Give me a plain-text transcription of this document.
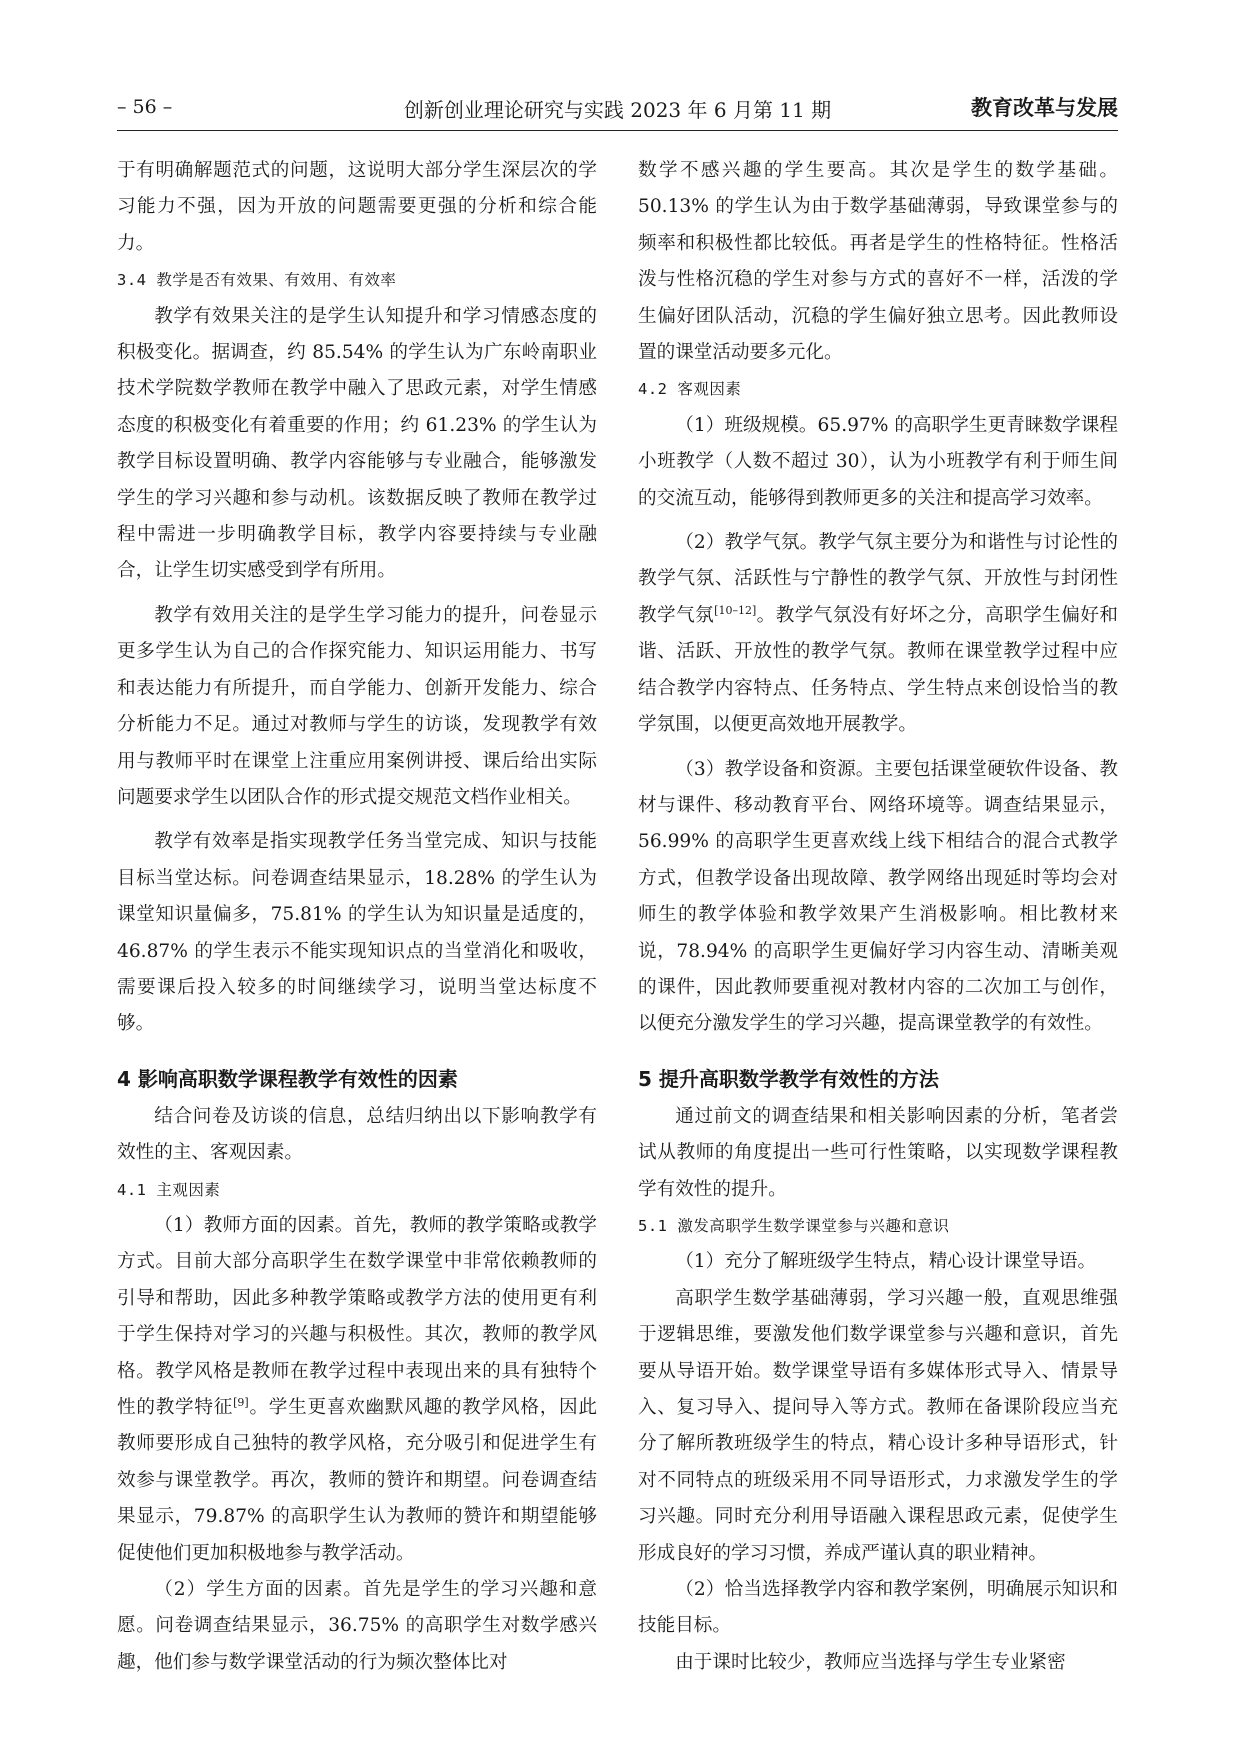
– 56 –	创新创业理论研究与实践 2023 年 6 月第 11 期	教育改革与发展

于有明确解题范式的问题，这说明大部分学生深层次的学习能力不强，因为开放的问题需要更强的分析和综合能力。

3.4 教学是否有效果、有效用、有效率

教学有效果关注的是学生认知提升和学习情感态度的积极变化。据调查，约 85.54% 的学生认为广东岭南职业技术学院数学教师在教学中融入了思政元素，对学生情感态度的积极变化有着重要的作用；约 61.23% 的学生认为教学目标设置明确、教学内容能够与专业融合，能够激发学生的学习兴趣和参与动机。该数据反映了教师在教学过程中需进一步明确教学目标，教学内容要持续与专业融合，让学生切实感受到学有所用。

教学有效用关注的是学生学习能力的提升，问卷显示更多学生认为自己的合作探究能力、知识运用能力、书写和表达能力有所提升，而自学能力、创新开发能力、综合分析能力不足。通过对教师与学生的访谈，发现教学有效用与教师平时在课堂上注重应用案例讲授、课后给出实际问题要求学生以团队合作的形式提交规范文档作业相关。

教学有效率是指实现教学任务当堂完成、知识与技能目标当堂达标。问卷调查结果显示，18.28% 的学生认为课堂知识量偏多，75.81% 的学生认为知识量是适度的，46.87% 的学生表示不能实现知识点的当堂消化和吸收，需要课后投入较多的时间继续学习，说明当堂达标度不够。

4 影响高职数学课程教学有效性的因素

结合问卷及访谈的信息，总结归纳出以下影响教学有效性的主、客观因素。

4.1 主观因素

（1）教师方面的因素。首先，教师的教学策略或教学方式。目前大部分高职学生在数学课堂中非常依赖教师的引导和帮助，因此多种教学策略或教学方法的使用更有利于学生保持对学习的兴趣与积极性。其次，教师的教学风格。教学风格是教师在教学过程中表现出来的具有独特个性的教学特征[9]。学生更喜欢幽默风趣的教学风格，因此教师要形成自己独特的教学风格，充分吸引和促进学生有效参与课堂教学。再次，教师的赞许和期望。问卷调查结果显示，79.87% 的高职学生认为教师的赞许和期望能够促使他们更加积极地参与教学活动。

（2）学生方面的因素。首先是学生的学习兴趣和意愿。问卷调查结果显示，36.75% 的高职学生对数学感兴趣，他们参与数学课堂活动的行为频次整体比对

数学不感兴趣的学生要高。其次是学生的数学基础。50.13% 的学生认为由于数学基础薄弱，导致课堂参与的频率和积极性都比较低。再者是学生的性格特征。性格活泼与性格沉稳的学生对参与方式的喜好不一样，活泼的学生偏好团队活动，沉稳的学生偏好独立思考。因此教师设置的课堂活动要多元化。

4.2 客观因素

（1）班级规模。65.97% 的高职学生更青睐数学课程小班教学（人数不超过 30），认为小班教学有利于师生间的交流互动，能够得到教师更多的关注和提高学习效率。

（2）教学气氛。教学气氛主要分为和谐性与讨论性的教学气氛、活跃性与宁静性的教学气氛、开放性与封闭性教学气氛[10–12]。教学气氛没有好坏之分，高职学生偏好和谐、活跃、开放性的教学气氛。教师在课堂教学过程中应结合教学内容特点、任务特点、学生特点来创设恰当的教学氛围，以便更高效地开展教学。

（3）教学设备和资源。主要包括课堂硬软件设备、教材与课件、移动教育平台、网络环境等。调查结果显示，56.99% 的高职学生更喜欢线上线下相结合的混合式教学方式，但教学设备出现故障、教学网络出现延时等均会对师生的教学体验和教学效果产生消极影响。相比教材来说，78.94% 的高职学生更偏好学习内容生动、清晰美观的课件，因此教师要重视对教材内容的二次加工与创作，以便充分激发学生的学习兴趣，提高课堂教学的有效性。

5 提升高职数学教学有效性的方法

通过前文的调查结果和相关影响因素的分析，笔者尝试从教师的角度提出一些可行性策略，以实现数学课程教学有效性的提升。

5.1 激发高职学生数学课堂参与兴趣和意识

（1）充分了解班级学生特点，精心设计课堂导语。

高职学生数学基础薄弱，学习兴趣一般，直观思维强于逻辑思维，要激发他们数学课堂参与兴趣和意识，首先要从导语开始。数学课堂导语有多媒体形式导入、情景导入、复习导入、提问导入等方式。教师在备课阶段应当充分了解所教班级学生的特点，精心设计多种导语形式，针对不同特点的班级采用不同导语形式，力求激发学生的学习兴趣。同时充分利用导语融入课程思政元素，促使学生形成良好的学习习惯，养成严谨认真的职业精神。

（2）恰当选择教学内容和教学案例，明确展示知识和技能目标。

由于课时比较少，教师应当选择与学生专业紧密
